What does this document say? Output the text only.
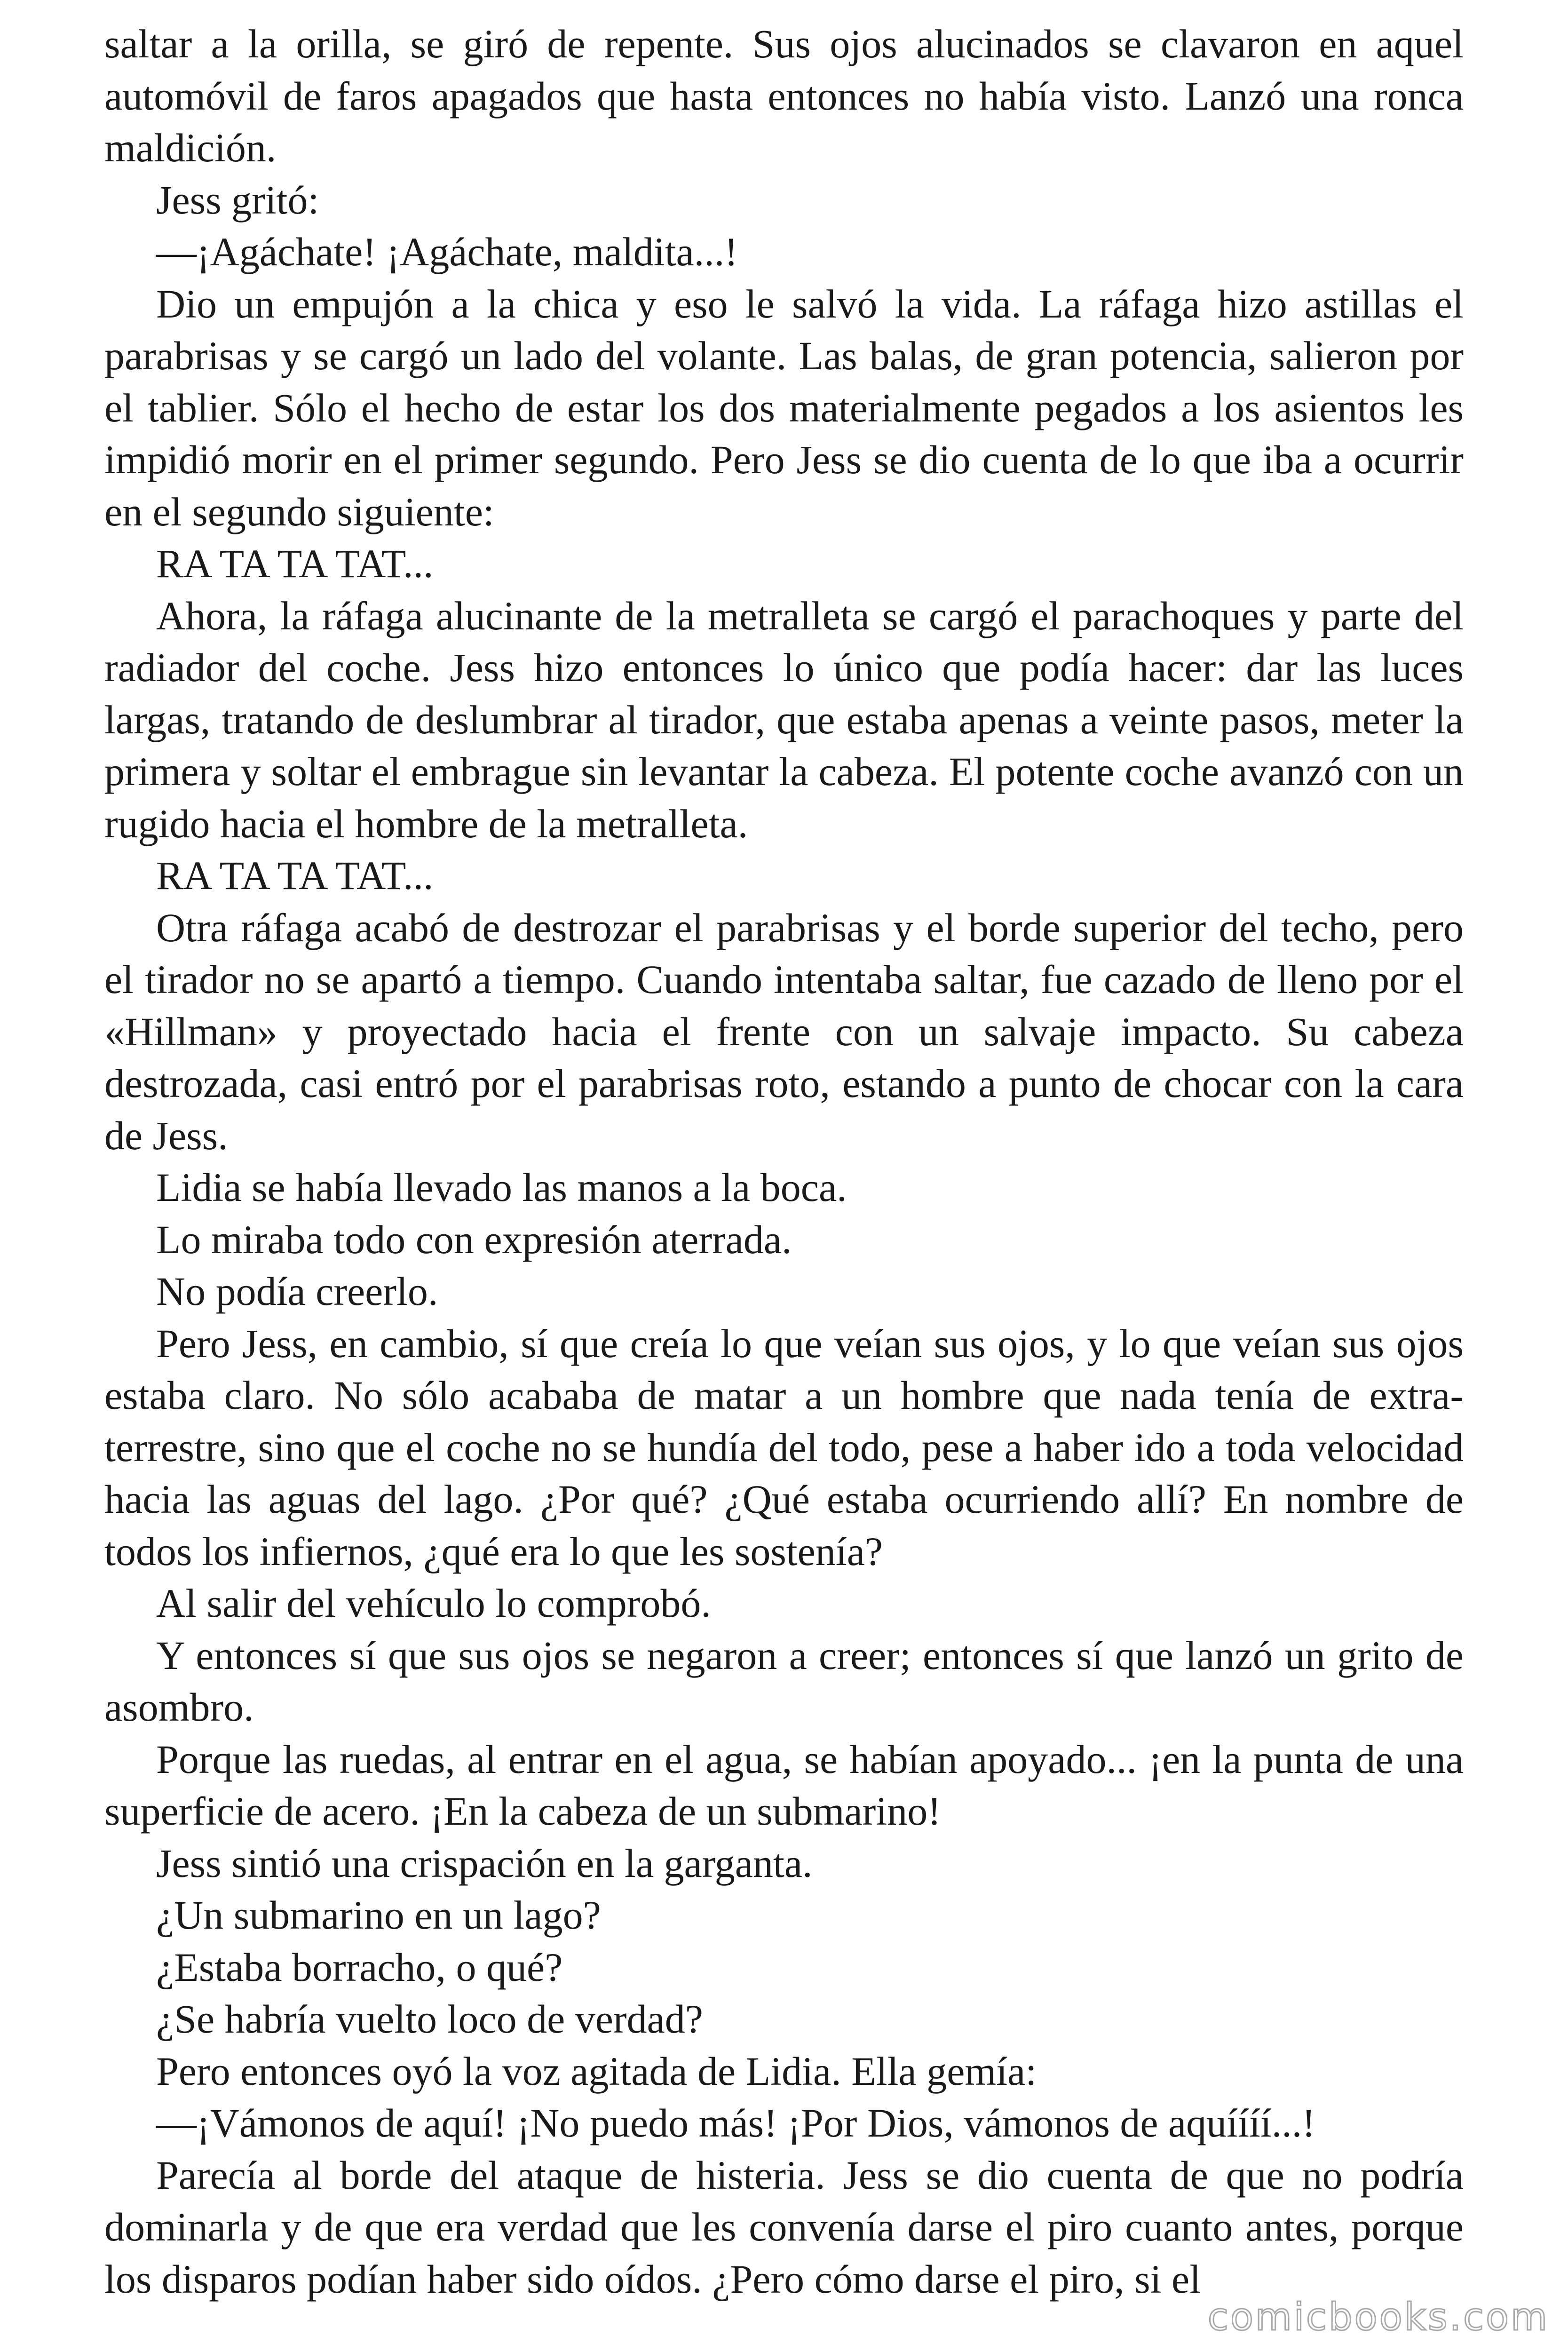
saltar a la orilla, se giró de repente. Sus ojos alucinados se clavaron en aquel automóvil de faros apagados que hasta entonces no había visto. Lanzó una ronca maldición.

Jess gritó:

—¡Agáchate! ¡Agáchate, maldita...!

Dio un empujón a la chica y eso le salvó la vida. La ráfaga hizo astillas el parabrisas y se cargó un lado del volante. Las balas, de gran potencia, salieron por el tablier. Sólo el hecho de estar los dos materialmente pegados a los asientos les impidió morir en el primer segundo. Pero Jess se dio cuenta de lo que iba a ocurrir en el segundo siguiente:

RA TA TA TAT...

Ahora, la ráfaga alucinante de la metralleta se cargó el parachoques y parte del radiador del coche. Jess hizo entonces lo único que podía hacer: dar las luces largas, tratando de deslumbrar al tirador, que estaba apenas a veinte pasos, meter la primera y soltar el embrague sin levantar la cabeza. El potente coche avanzó con un rugido hacia el hombre de la metralleta.

RA TA TA TAT...

Otra ráfaga acabó de destrozar el parabrisas y el borde superior del techo, pero el tirador no se apartó a tiempo. Cuando intentaba saltar, fue cazado de lleno por el «Hillman» y proyectado hacia el frente con un salvaje impacto. Su cabeza destrozada, casi entró por el parabrisas roto, estando a punto de chocar con la cara de Jess.

Lidia se había llevado las manos a la boca.

Lo miraba todo con expresión aterrada.

No podía creerlo.

Pero Jess, en cambio, sí que creía lo que veían sus ojos, y lo que veían sus ojos estaba claro. No sólo acababa de matar a un hombre que nada tenía de extra- terrestre, sino que el coche no se hundía del todo, pese a haber ido a toda velocidad hacia las aguas del lago. ¿Por qué? ¿Qué estaba ocurriendo allí? En nombre de todos los infiernos, ¿qué era lo que les sostenía?

Al salir del vehículo lo comprobó.

Y entonces sí que sus ojos se negaron a creer; entonces sí que lanzó un grito de asombro.

Porque las ruedas, al entrar en el agua, se habían apoyado... ¡en la punta de una superficie de acero. ¡En la cabeza de un submarino!

Jess sintió una crispación en la garganta.

¿Un submarino en un lago?

¿Estaba borracho, o qué?

¿Se habría vuelto loco de verdad?

Pero entonces oyó la voz agitada de Lidia. Ella gemía:

—¡Vámonos de aquí! ¡No puedo más! ¡Por Dios, vámonos de aquíííí...!

Parecía al borde del ataque de histeria. Jess se dio cuenta de que no podría dominarla y de que era verdad que les convenía darse el piro cuanto antes, porque los disparos podían haber sido oídos. ¿Pero cómo darse el piro, si el

comicbooks.com
